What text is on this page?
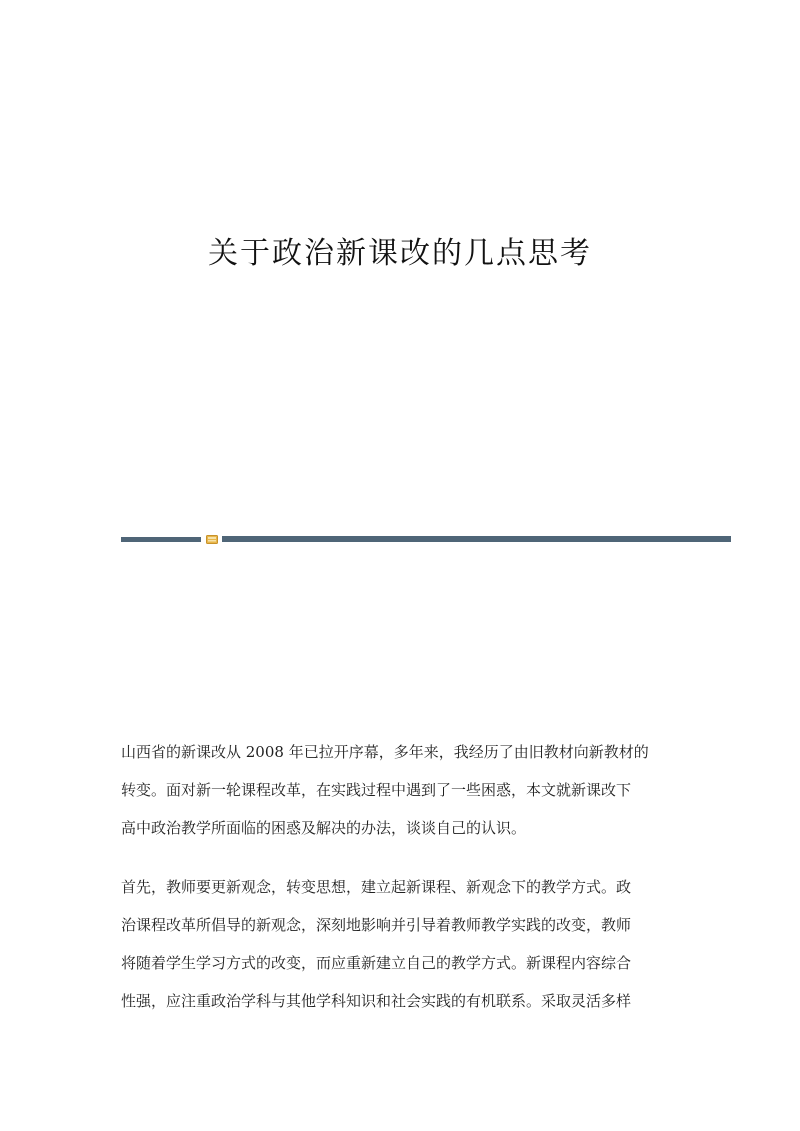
关于政治新课改的几点思考
山西省的新课改从 2008 年已拉开序幕，多年来，我经历了由旧教材向新教材的
转变。面对新一轮课程改革，在实践过程中遇到了一些困惑，本文就新课改下
高中政治教学所面临的困惑及解决的办法，谈谈自己的认识。
首先，教师要更新观念，转变思想，建立起新课程、新观念下的教学方式。政
治课程改革所倡导的新观念，深刻地影响并引导着教师教学实践的改变，教师
将随着学生学习方式的改变，而应重新建立自己的教学方式。新课程内容综合
性强，应注重政治学科与其他学科知识和社会实践的有机联系。采取灵活多样
